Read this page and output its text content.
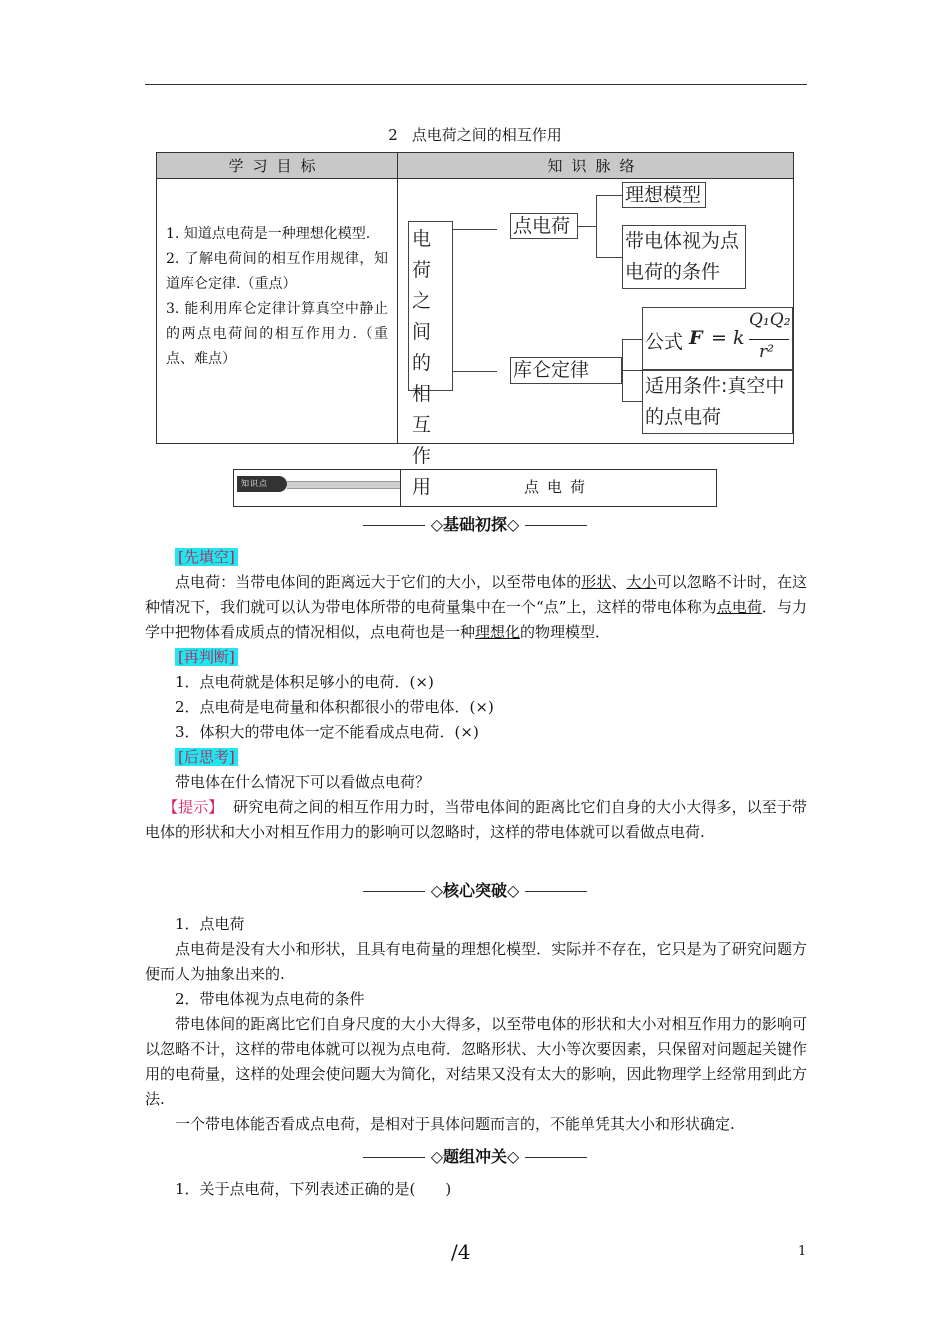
2 点电荷之间的相互作用
学习目标	知识脉络
1. 知道点电荷是一种理想化模型.
2. 了解电荷间的相互作用规律，知道库仑定律.（重点）
3. 能利用库仑定律计算真空中静止的两点电荷间的相互作用力.（重点、难点）
电荷之间的相互作用
点电荷
理想模型
带电体视为点
电荷的条件
库仑定律
公式 F = k
Q₁Q₂
r²
适用条件:真空中
的点电荷
知识点	点电荷
◇基础初探◇
[先填空]
点电荷：当带电体间的距离远大于它们的大小，以至带电体的形状、大小可以忽略不计时，在这种情况下，我们就可以认为带电体所带的电荷量集中在一个“点”上，这样的带电体称为点电荷．与力学中把物体看成质点的情况相似，点电荷也是一种理想化的物理模型．
[再判断]
1．点电荷就是体积足够小的电荷．(×)
2．点电荷是电荷量和体积都很小的带电体．(×)
3．体积大的带电体一定不能看成点电荷．(×)
[后思考]
带电体在什么情况下可以看做点电荷？
【提示】 研究电荷之间的相互作用力时，当带电体间的距离比它们自身的大小大得多，以至于带电体的形状和大小对相互作用力的影响可以忽略时，这样的带电体就可以看做点电荷.
◇核心突破◇
1．点电荷
点电荷是没有大小和形状，且具有电荷量的理想化模型．实际并不存在，它只是为了研究问题方便而人为抽象出来的.
2．带电体视为点电荷的条件
带电体间的距离比它们自身尺度的大小大得多，以至带电体的形状和大小对相互作用力的影响可以忽略不计，这样的带电体就可以视为点电荷．忽略形状、大小等次要因素，只保留对问题起关键作用的电荷量，这样的处理会使问题大为简化，对结果又没有太大的影响，因此物理学上经常用到此方法.
一个带电体能否看成点电荷，是相对于具体问题而言的，不能单凭其大小和形状确定.
◇题组冲关◇
1．关于点电荷，下列表述正确的是(　　)
/4	1
